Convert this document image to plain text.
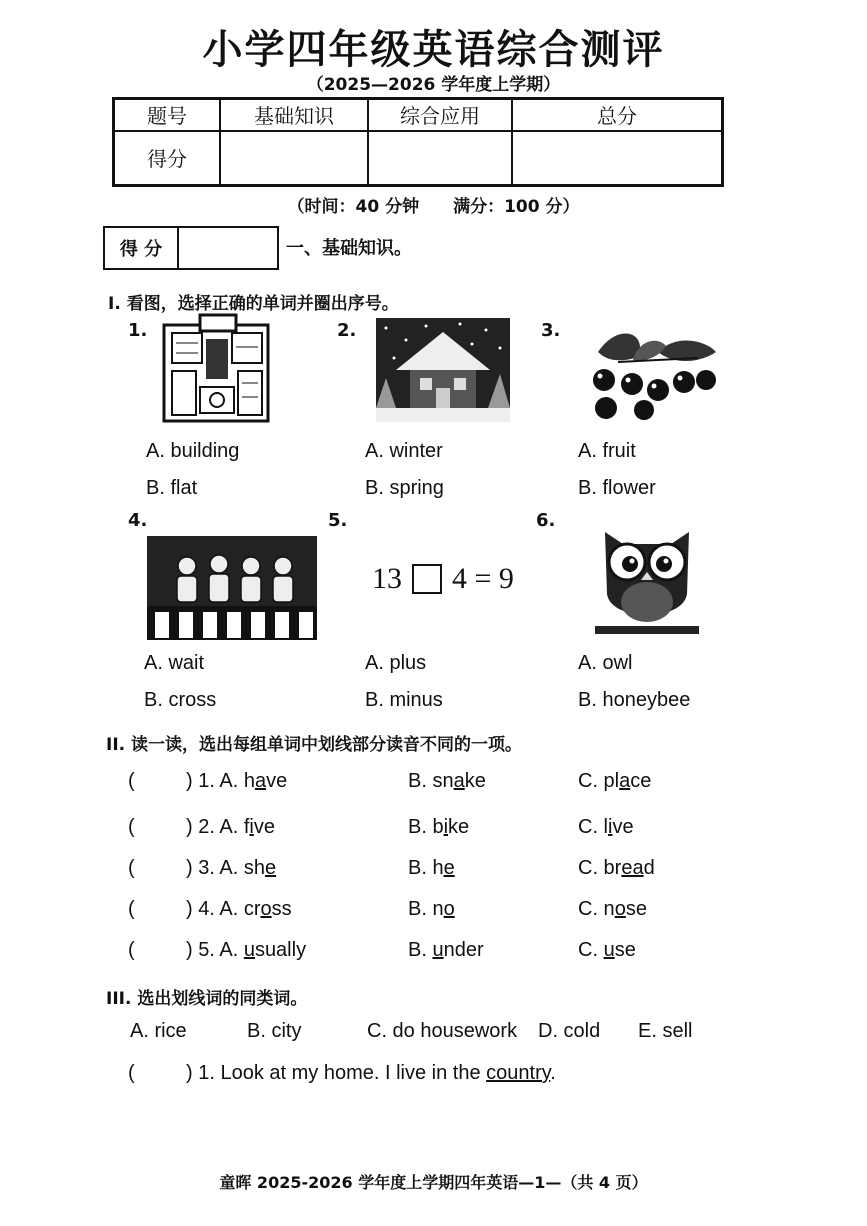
小学四年级英语综合测评
（2025—2026 学年度上学期）
题号	基础知识	综合应用	总分
得分			
（时间：40 分钟　　满分：100 分）
得 分	一、基础知识。
I. 看图，选择正确的单词并圈出序号。
1.	2.	3.
A. building
B. flat
A. winter
B. spring
A. fruit
B. flower
4.	5.	6.
13 4 = 9
A. wait
B. cross
A. plus
B. minus
A. owl
B. honeybee
II. 读一读，选出每组单词中划线部分读音不同的一项。
(	) 1. A. have	B. snake	C. place
(	) 2. A. five	B. bike	C. live
(	) 3. A. she	B. he	C. bread
(	) 4. A. cross	B. no	C. nose
(	) 5. A. usually	B. under	C. use
III. 选出划线词的同类词。
A. rice	B. city	C. do housework D. cold E. sell
(	) 1. Look at my home. I live in the country.
童晖 2025-2026 学年度上学期四年英语—1—（共 4 页）
